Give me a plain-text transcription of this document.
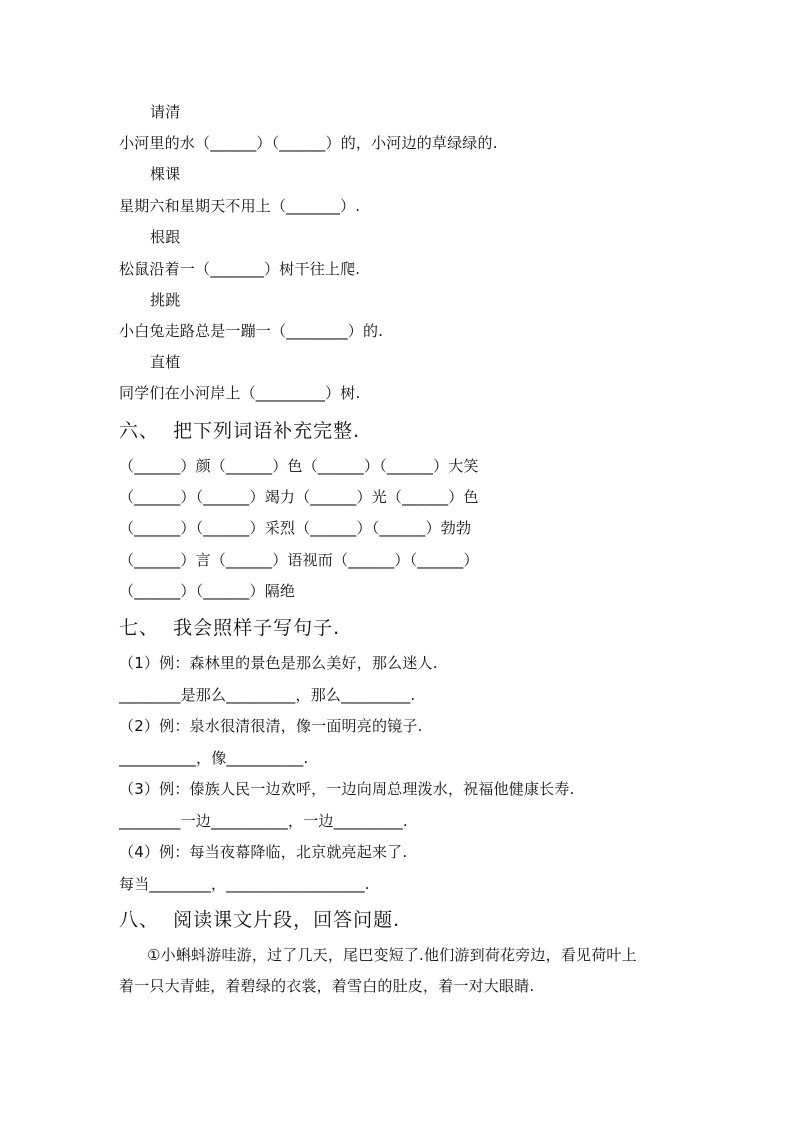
请清
小河里的水（______）（______）的，小河边的草绿绿的.
棵课
星期六和星期天不用上（_______）.
根跟
松鼠沿着一（_______）树干往上爬.
挑跳
小白兔走路总是一蹦一（________）的.
直植
同学们在小河岸上（_________）树.
六、  把下列词语补充完整.
（______）颜（______）色（______）（______）大笑
（______）（______）竭力（______）光（______）色
（______）（______）采烈（______）（______）勃勃
（______）言（______）语视而（______）（______）
（______）（______）隔绝
七、  我会照样子写句子.
（1）例：森林里的景色是那么美好，那么迷人.
________是那么_________，那么_________.
（2）例：泉水很清很清，像一面明亮的镜子.
__________，像__________.
（3）例：傣族人民一边欢呼，一边向周总理泼水，祝福他健康长寿.
________一边__________，一边_________.
（4）例：每当夜幕降临，北京就亮起来了.
每当________，__________________.
八、  阅读课文片段，回答问题.
①小蝌蚪游哇游，过了几天，尾巴变短了.他们游到荷花旁边，看见荷叶上
着一只大青蛙，着碧绿的衣裳，着雪白的肚皮，着一对大眼睛.
